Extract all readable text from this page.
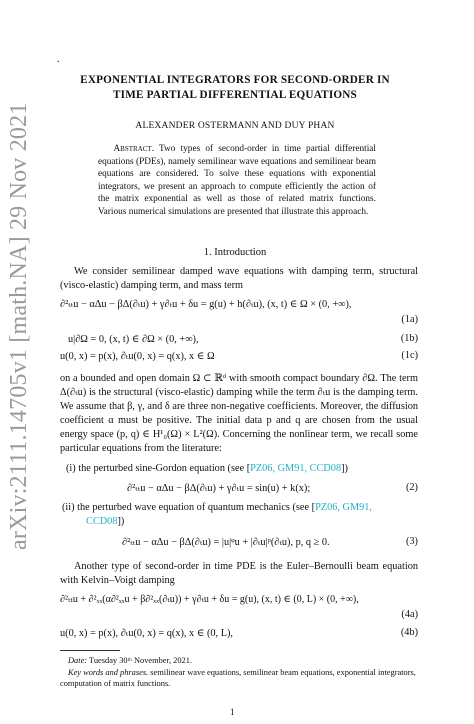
arXiv:2111.14705v1 [math.NA] 29 Nov 2021
.
EXPONENTIAL INTEGRATORS FOR SECOND-ORDER IN
TIME PARTIAL DIFFERENTIAL EQUATIONS
ALEXANDER OSTERMANN AND DUY PHAN
Abstract. Two types of second-order in time partial differential equations (PDEs), namely semilinear wave equations and semilinear beam equations are considered. To solve these equations with exponential integrators, we present an approach to compute efficiently the action of the matrix exponential as well as those of related matrix functions. Various numerical simulations are presented that illustrate this approach.
1. Introduction
We consider semilinear damped wave equations with damping term, structural (visco-elastic) damping term, and mass term
∂²ₜₜu − αΔu − βΔ(∂ₜu) + γ∂ₜu + δu = g(u) + h(∂ₜu), (x, t) ∈ Ω × (0, +∞),
(1a)
u|∂Ω = 0, (x, t) ∈ ∂Ω × (0, +∞),	(1b)
u(0, x) = p(x), ∂ₜu(0, x) = q(x), x ∈ Ω	(1c)
on a bounded and open domain Ω ⊂ ℝᵈ with smooth compact boundary ∂Ω. The term Δ(∂ₜu) is the structural (visco-elastic) damping while the term ∂ₜu is the damping term. We assume that β, γ, and δ are three non-negative coefficients. Moreover, the diffusion coefficient α must be positive. The initial data p and q are chosen from the usual energy space (p, q) ∈ H¹₀(Ω) × L²(Ω). Concerning the nonlinear term, we recall some particular equations from the literature:
(i) the perturbed sine-Gordon equation (see [PZ06, GM91, CCD08])
∂²ₜₜu − αΔu − βΔ(∂ₜu) + γ∂ₜu = sin(u) + k(x);	(2)
(ii) the perturbed wave equation of quantum mechanics (see [PZ06, GM91,
CCD08])
∂²ₜₜu − αΔu − βΔ(∂ₜu) = |u|ᵠu + |∂ₜu|ᵖ(∂ₜu), p, q ≥ 0.	(3)
Another type of second-order in time PDE is the Euler–Bernoulli beam equation with Kelvin–Voigt damping
∂²ₜₜu + ∂²ₓₓ(α∂²ₓₓu + β∂²ₓₓ(∂ₜu)) + γ∂ₜu + δu = g(u), (x, t) ∈ (0, L) × (0, +∞),
(4a)
u(0, x) = p(x), ∂ₜu(0, x) = q(x), x ∈ (0, L),	(4b)
Date: Tuesday 30ᵗʰ November, 2021.
Key words and phrases. semilinear wave equations, semilinear beam equations, exponential integrators, computation of matrix functions.
1
